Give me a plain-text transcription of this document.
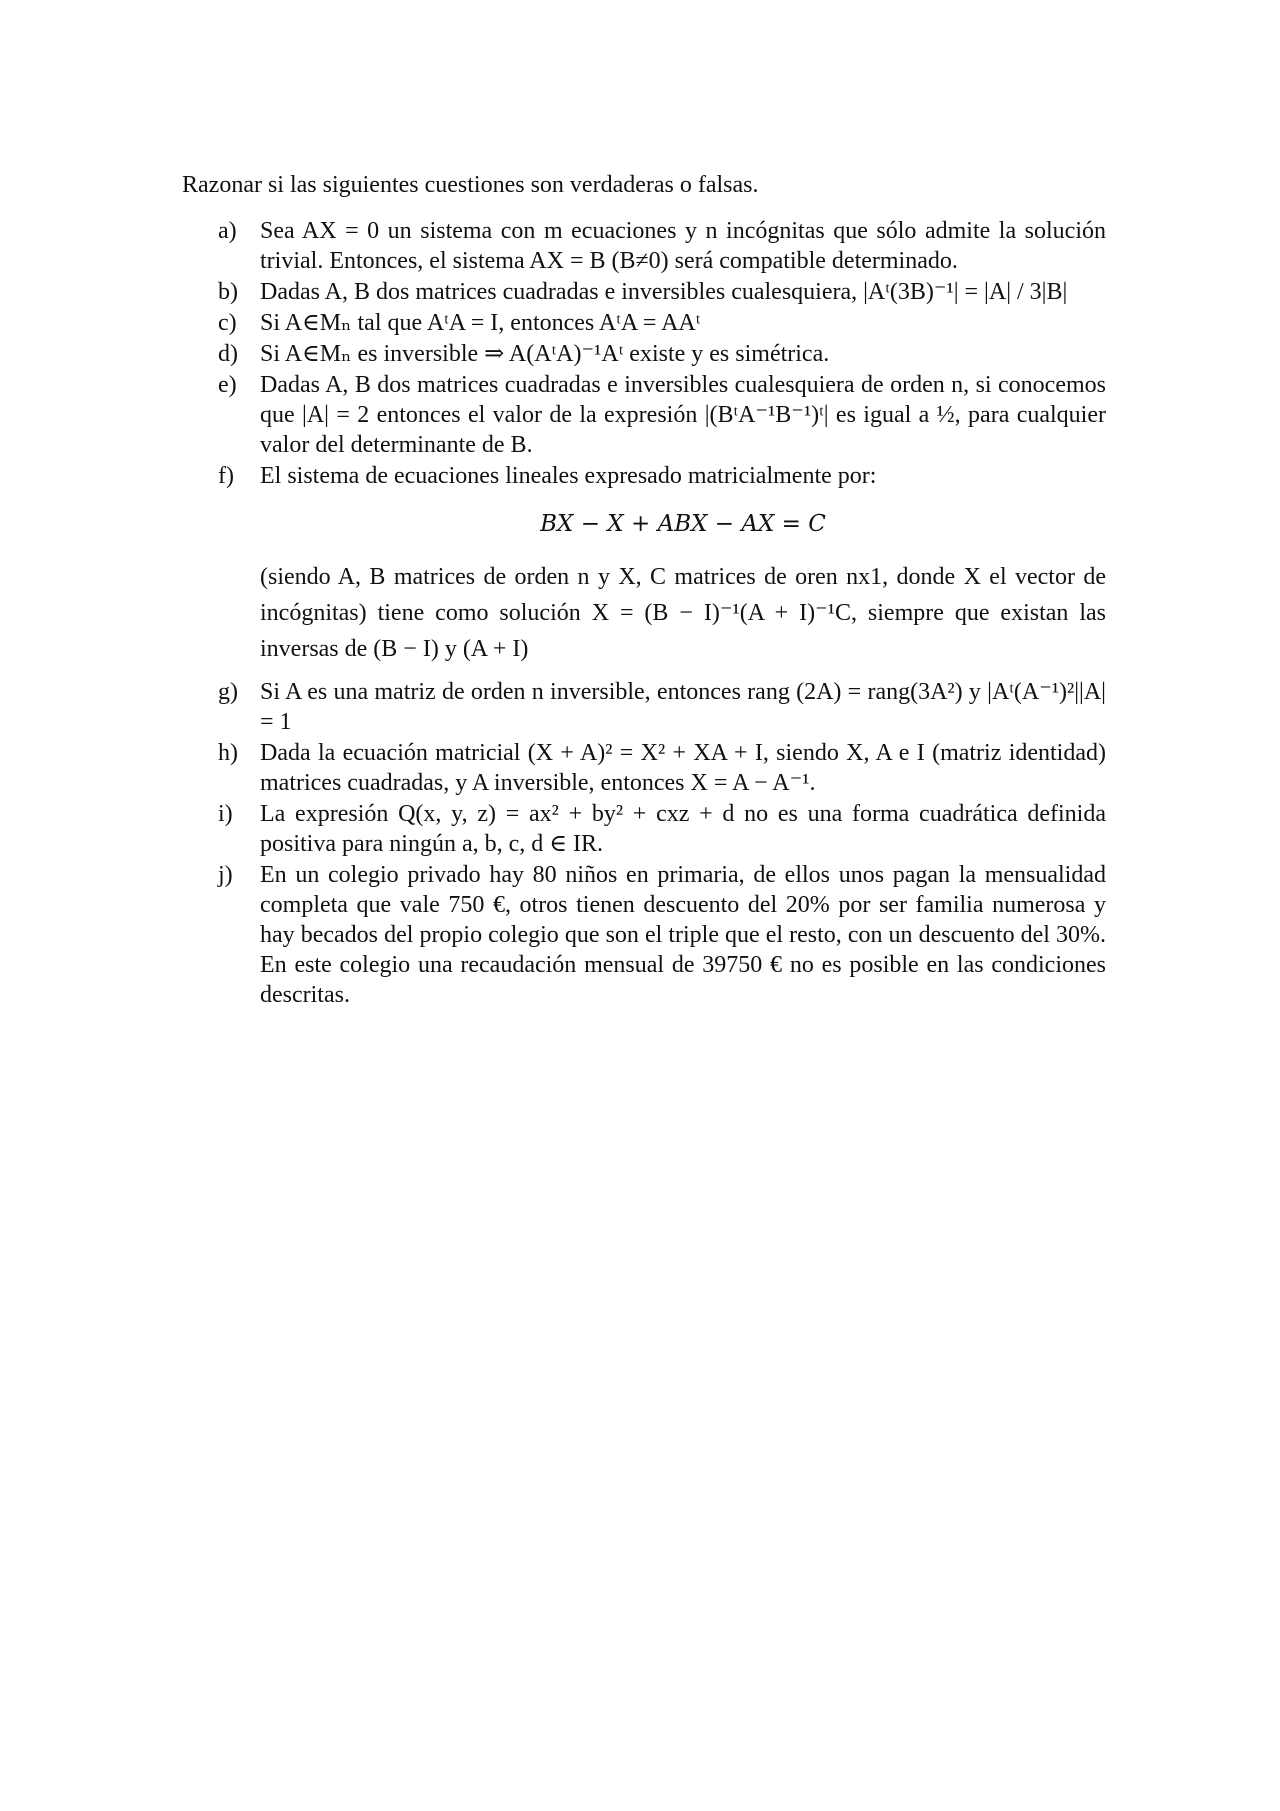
Razonar si las siguientes cuestiones son verdaderas o falsas.
a) Sea AX = 0 un sistema con m ecuaciones y n incógnitas que sólo admite la solución trivial. Entonces, el sistema AX = B (B≠0) será compatible determinado.
b) Dadas A, B dos matrices cuadradas e inversibles cualesquiera, |Aᵗ(3B)⁻¹| = |A| / 3|B|
c) Si A∈Mₙ tal que AᵗA = I, entonces AᵗA = AAᵗ
d) Si A∈Mₙ es inversible ⇒ A(AᵗA)⁻¹Aᵗ existe y es simétrica.
e) Dadas A, B dos matrices cuadradas e inversibles cualesquiera de orden n, si conocemos que |A| = 2 entonces el valor de la expresión |(BᵗA⁻¹B⁻¹)ᵗ| es igual a ½, para cualquier valor del determinante de B.
f)	El sistema de ecuaciones lineales expresado matricialmente por:
BX − X + ABX − AX = C
(siendo A, B matrices de orden n y X, C matrices de oren nx1, donde X el vector de incógnitas) tiene como solución X = (B − I)⁻¹(A + I)⁻¹C, siempre que existan las inversas de (B − I) y (A + I)
g) Si A es una matriz de orden n inversible, entonces rang (2A) = rang(3A²) y |Aᵗ(A⁻¹)²||A| = 1
h) Dada la ecuación matricial (X + A)² = X² + XA + I, siendo X, A e I (matriz identidad) matrices cuadradas, y A inversible, entonces X = A − A⁻¹.
i)	La expresión Q(x, y, z) = ax² + by² + cxz + d no es una forma cuadrática definida positiva para ningún a, b, c, d ∈ IR.
j)	En un colegio privado hay 80 niños en primaria, de ellos unos pagan la mensualidad completa que vale 750 €, otros tienen descuento del 20% por ser familia numerosa y hay becados del propio colegio que son el triple que el resto, con un descuento del 30%. En este colegio una recaudación mensual de 39750 € no es posible en las condiciones descritas.
